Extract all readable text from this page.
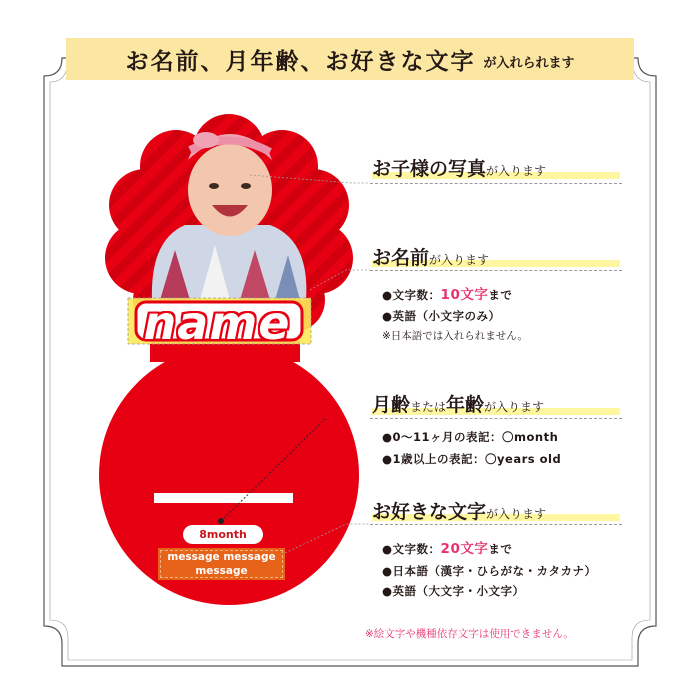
お名前、月年齢、お好きな文字 が入れられます
name
8month
message message message
お子様の写真が入ります
お名前が入ります
●文字数：10文字まで
●英語（小文字のみ）
※日本語では入れられません。
月齢または年齢が入ります
●0～11ヶ月の表記：〇month
●1歳以上の表記：〇years old
お好きな文字が入ります
●文字数：20文字まで
●日本語（漢字・ひらがな・カタカナ）
●英語（大文字・小文字）
※絵文字や機種依存文字は使用できません。
